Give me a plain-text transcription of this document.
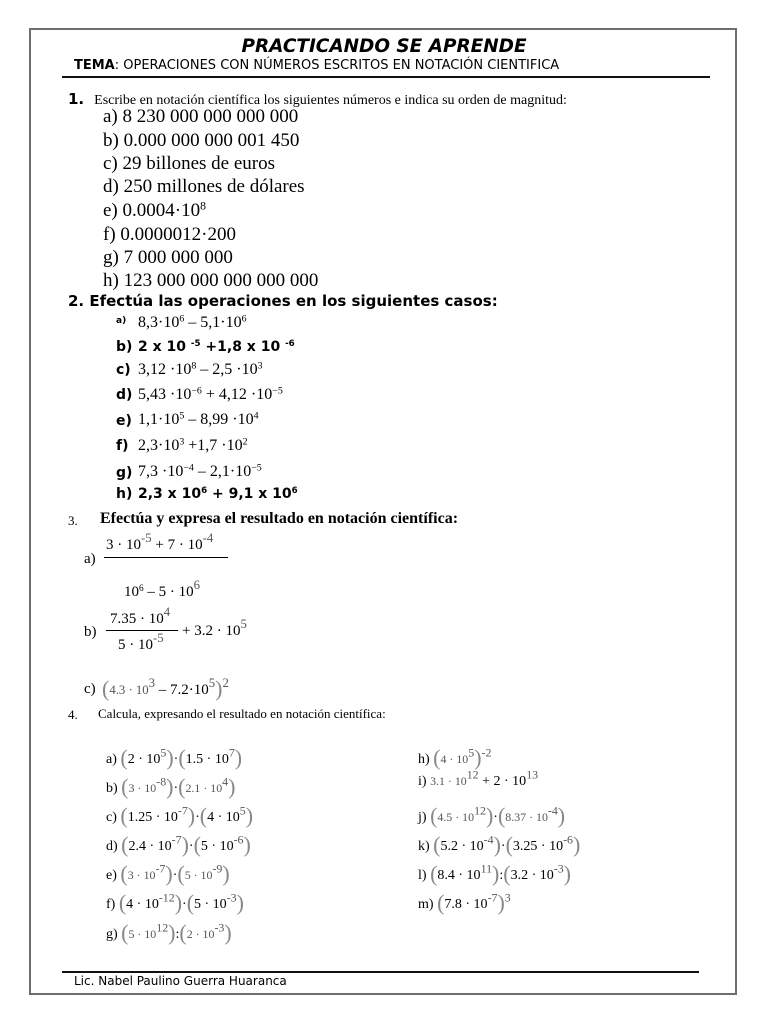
PRACTICANDO SE APRENDE
TEMA: OPERACIONES CON NÚMEROS ESCRITOS EN NOTACIÓN CIENTIFICA
1. Escribe en notación científica los siguientes números e indica su orden de magnitud:
a) 8 230 000 000 000 000
b) 0.000 000 000 001 450
c) 29 billones de euros
d) 250 millones de dólares
e) $0.0004\cdot 10^8$
f) 0.0000012·200
g) 7 000 000 000
h) 123 000 000 000 000 000
2. Efectúa las operaciones en los siguientes casos:
a) $8,3\cdot 10^6 - 5,1\cdot 10^6$
b) 2 x 10 $^{-5}$ +1,8 x 10 $^{-6}$
c) $3,12 \cdot 10^8 - 2,5 \cdot 10^3$
d) $5,43 \cdot 10^{-6} + 4,12 \cdot 10^{-5}$
e) $1,1\cdot 10^5 - 8,99 \cdot 10^4$
f) $2,3\cdot 10^3 +1,7 \cdot 10^2$
g) $7,3 \cdot 10^{-4} - 2,1\cdot 10^{-5}$
h) 2,3 x $10^6 + 9,1$ x $10^6$
3. Efectúa y expresa el resultado en notación científica:
a)
$3 \cdot 10^{-5} + 7 \cdot 10^{-4}$
$10^6 - 5 \cdot 10^6$
b)
$7.35 \cdot 10^4$
$5 \cdot 10^{-5} + 3.2 \cdot 10^5$
c) $(4.3 \cdot 10^3 - 7.2\cdot 10^5)^2$
4. Calcula, expresando el resultado en notación científica:
a) $(2 \cdot 10^5)\cdot(1.5 \cdot 10^7)$
b) $(3 \cdot 10^{-8})\cdot(2.1 \cdot 10^4)$
c) $(1.25 \cdot 10^{-7})\cdot(4 \cdot 10^5)$
d) $(2.4 \cdot 10^{-7})\cdot(5 \cdot 10^{-6})$
e) $(3 \cdot 10^{-7})\cdot(5 \cdot 10^{-9})$
f) $(4 \cdot 10^{-12})\cdot(5 \cdot 10^{-3})$
g) $(5 \cdot 10^{12}):(2 \cdot 10^{-3})$
h) $(4 \cdot 10^5)^{-2}$
i) $3.1 \cdot 10^{12} + 2 \cdot 10^{13}$
j) $(4.5 \cdot 10^{12})\cdot(8.37 \cdot 10^{-4})$
k) $(5.2 \cdot 10^{-4})\cdot(3.25 \cdot 10^{-6})$
l) $(8.4 \cdot 10^{11}):(3.2 \cdot 10^{-3})$
m) $(7.8 \cdot 10^{-7})^3$
Lic. Nabel Paulino Guerra Huaranca
